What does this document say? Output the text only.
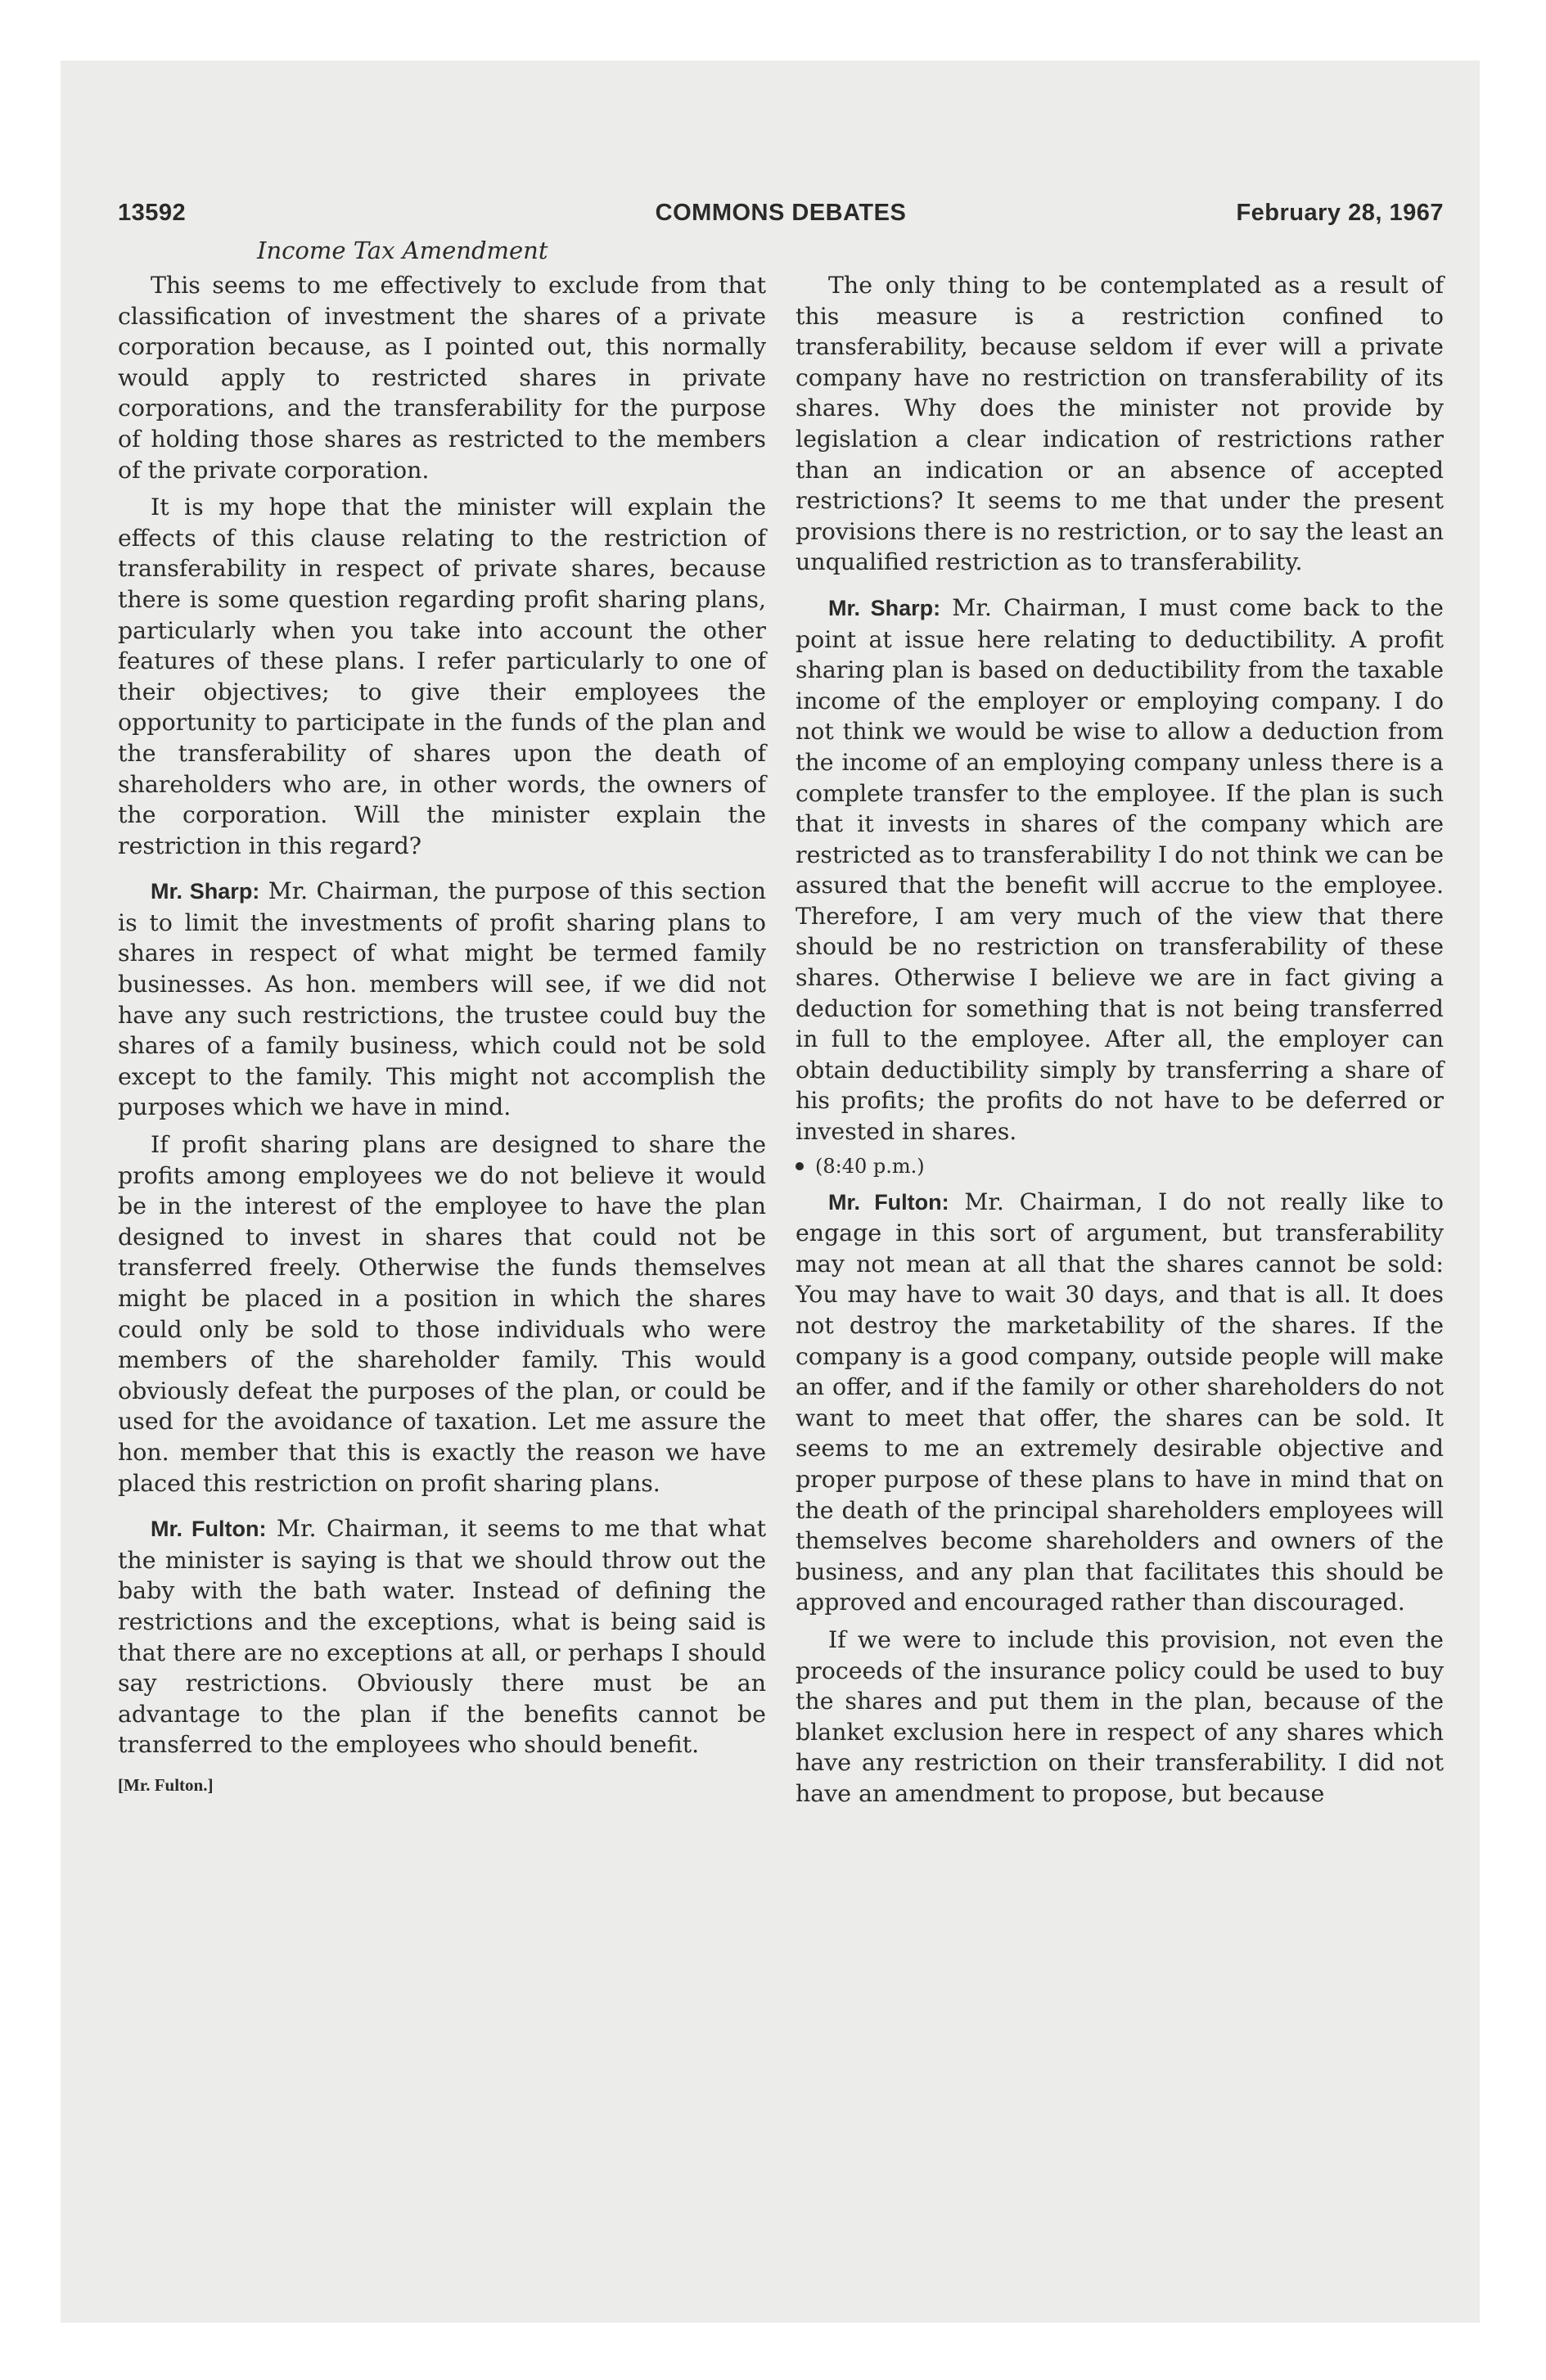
13592	COMMONS DEBATES	February 28, 1967
Income Tax Amendment

This seems to me effectively to exclude from that classification of investment the shares of a private corporation because, as I pointed out, this normally would apply to restricted shares in private corporations, and the transferability for the purpose of holding those shares as restricted to the members of the private corporation.

It is my hope that the minister will explain the effects of this clause relating to the restriction of transferability in respect of private shares, because there is some question regarding profit sharing plans, particularly when you take into account the other features of these plans. I refer particularly to one of their objectives; to give their employees the opportunity to participate in the funds of the plan and the transferability of shares upon the death of shareholders who are, in other words, the owners of the corporation. Will the minister explain the restriction in this regard?

Mr. Sharp: Mr. Chairman, the purpose of this section is to limit the investments of profit sharing plans to shares in respect of what might be termed family businesses. As hon. members will see, if we did not have any such restrictions, the trustee could buy the shares of a family business, which could not be sold except to the family. This might not accomplish the purposes which we have in mind.

If profit sharing plans are designed to share the profits among employees we do not believe it would be in the interest of the employee to have the plan designed to invest in shares that could not be transferred freely. Otherwise the funds themselves might be placed in a position in which the shares could only be sold to those individuals who were members of the shareholder family. This would obviously defeat the purposes of the plan, or could be used for the avoidance of taxation. Let me assure the hon. member that this is exactly the reason we have placed this restriction on profit sharing plans.

Mr. Fulton: Mr. Chairman, it seems to me that what the minister is saying is that we should throw out the baby with the bath water. Instead of defining the restrictions and the exceptions, what is being said is that there are no exceptions at all, or perhaps I should say restrictions. Obviously there must be an advantage to the plan if the benefits cannot be transferred to the employees who should benefit.

[Mr. Fulton.]

The only thing to be contemplated as a result of this measure is a restriction confined to transferability, because seldom if ever will a private company have no restriction on transferability of its shares. Why does the minister not provide by legislation a clear indication of restrictions rather than an indication or an absence of accepted restrictions? It seems to me that under the present provisions there is no restriction, or to say the least an unqualified restriction as to transferability.

Mr. Sharp: Mr. Chairman, I must come back to the point at issue here relating to deductibility. A profit sharing plan is based on deductibility from the taxable income of the employer or employing company. I do not think we would be wise to allow a deduction from the income of an employing company unless there is a complete transfer to the employee. If the plan is such that it invests in shares of the company which are restricted as to transferability I do not think we can be assured that the benefit will accrue to the employee. Therefore, I am very much of the view that there should be no restriction on transferability of these shares. Otherwise I believe we are in fact giving a deduction for something that is not being transferred in full to the employee. After all, the employer can obtain deductibility simply by transferring a share of his profits; the profits do not have to be deferred or invested in shares.

(8:40 p.m.)

Mr. Fulton: Mr. Chairman, I do not really like to engage in this sort of argument, but transferability may not mean at all that the shares cannot be sold: You may have to wait 30 days, and that is all. It does not destroy the marketability of the shares. If the company is a good company, outside people will make an offer, and if the family or other shareholders do not want to meet that offer, the shares can be sold. It seems to me an extremely desirable objective and proper purpose of these plans to have in mind that on the death of the principal shareholders employees will themselves become shareholders and owners of the business, and any plan that facilitates this should be approved and encouraged rather than discouraged.

If we were to include this provision, not even the proceeds of the insurance policy could be used to buy the shares and put them in the plan, because of the blanket exclusion here in respect of any shares which have any restriction on their transferability. I did not have an amendment to propose, but because
